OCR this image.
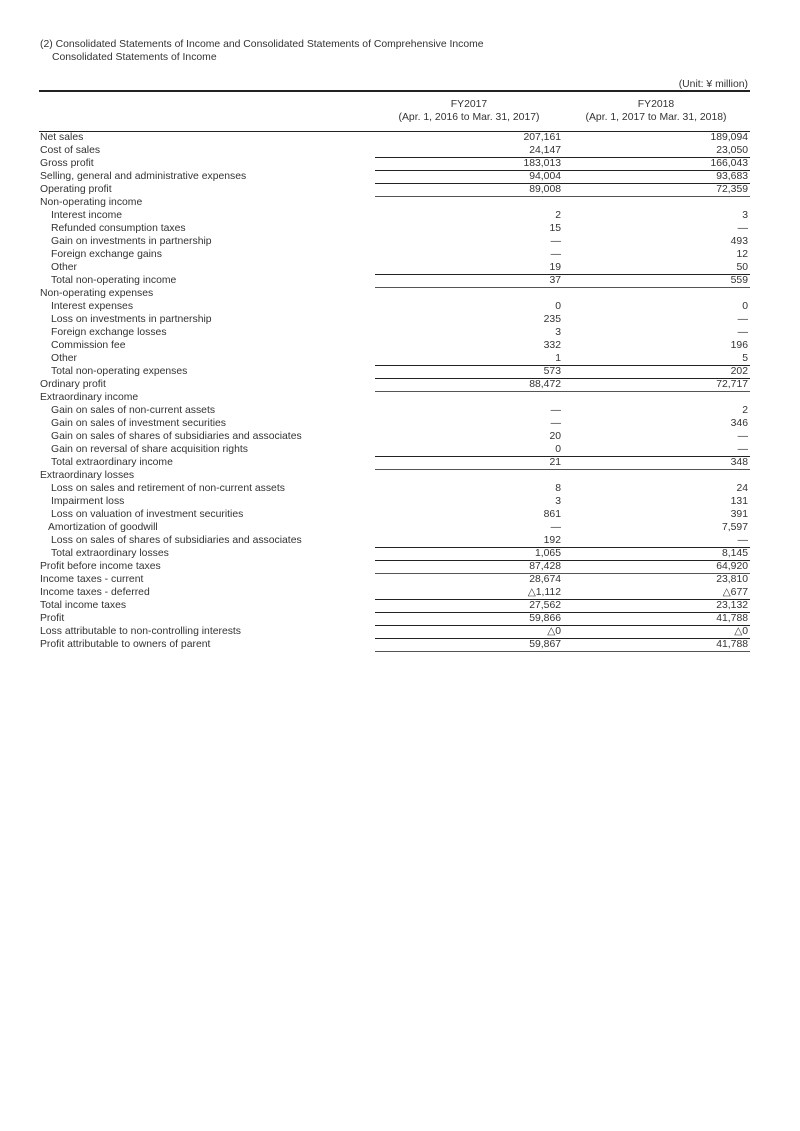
(2) Consolidated Statements of Income and Consolidated Statements of Comprehensive Income
Consolidated Statements of Income
(Unit: ¥ million)
FY2017
(Apr. 1, 2016 to Mar. 31, 2017)
FY2018
(Apr. 1, 2017 to Mar. 31, 2018)
Net sales	207,161	189,094
Cost of sales	24,147	23,050
Gross profit	183,013	166,043
Selling, general and administrative expenses	94,004	93,683
Operating profit	89,008	72,359
Non-operating income
Interest income	2	3
Refunded consumption taxes	15	—
Gain on investments in partnership	—	493
Foreign exchange gains	—	12
Other	19	50
Total non-operating income	37	559
Non-operating expenses
Interest expenses	0	0
Loss on investments in partnership	235	—
Foreign exchange losses	3	—
Commission fee	332	196
Other	1	5
Total non-operating expenses	573	202
Ordinary profit	88,472	72,717
Extraordinary income
Gain on sales of non-current assets	—	2
Gain on sales of investment securities	—	346
Gain on sales of shares of subsidiaries and associates	20	—
Gain on reversal of share acquisition rights	0	—
Total extraordinary income	21	348
Extraordinary losses
Loss on sales and retirement of non-current assets	8	24
Impairment loss	3	131
Loss on valuation of investment securities	861	391
Amortization of goodwill	—	7,597
Loss on sales of shares of subsidiaries and associates	192	—
Total extraordinary losses	1,065	8,145
Profit before income taxes	87,428	64,920
Income taxes - current	28,674	23,810
Income taxes - deferred	△1,112	△677
Total income taxes	27,562	23,132
Profit	59,866	41,788
Loss attributable to non-controlling interests	△0	△0
Profit attributable to owners of parent	59,867	41,788
